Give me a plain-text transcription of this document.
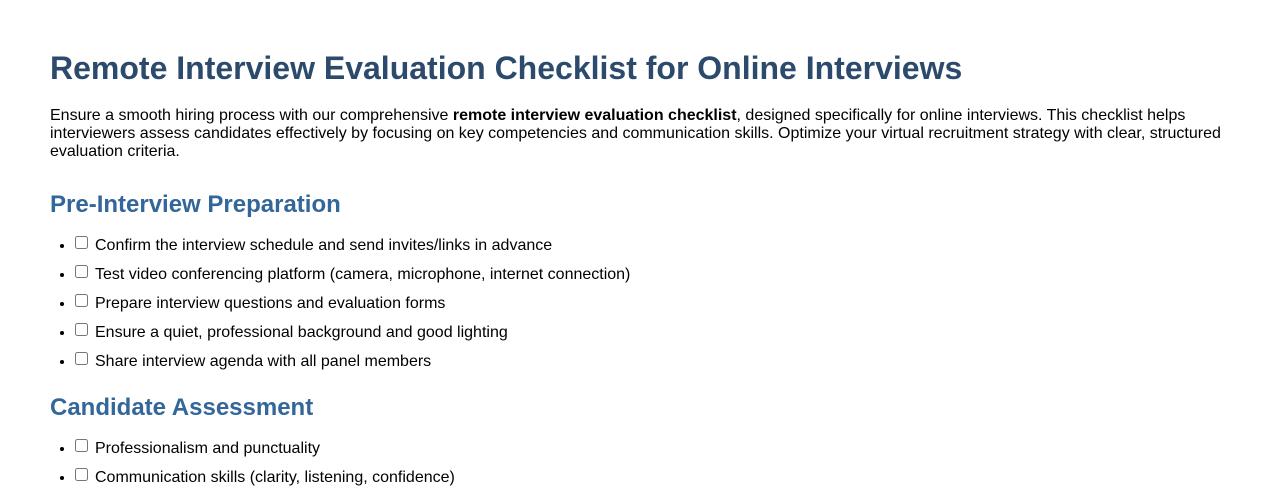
Remote Interview Evaluation Checklist for Online Interviews

Ensure a smooth hiring process with our comprehensive remote interview evaluation checklist, designed specifically for online interviews. This checklist helps interviewers assess candidates effectively by focusing on key competencies and communication skills. Optimize your virtual recruitment strategy with clear, structured evaluation criteria.

Pre-Interview Preparation
• Confirm the interview schedule and send invites/links in advance
• Test video conferencing platform (camera, microphone, internet connection)
• Prepare interview questions and evaluation forms
• Ensure a quiet, professional background and good lighting
• Share interview agenda with all panel members
Candidate Assessment
• Professionalism and punctuality
• Communication skills (clarity, listening, confidence)
